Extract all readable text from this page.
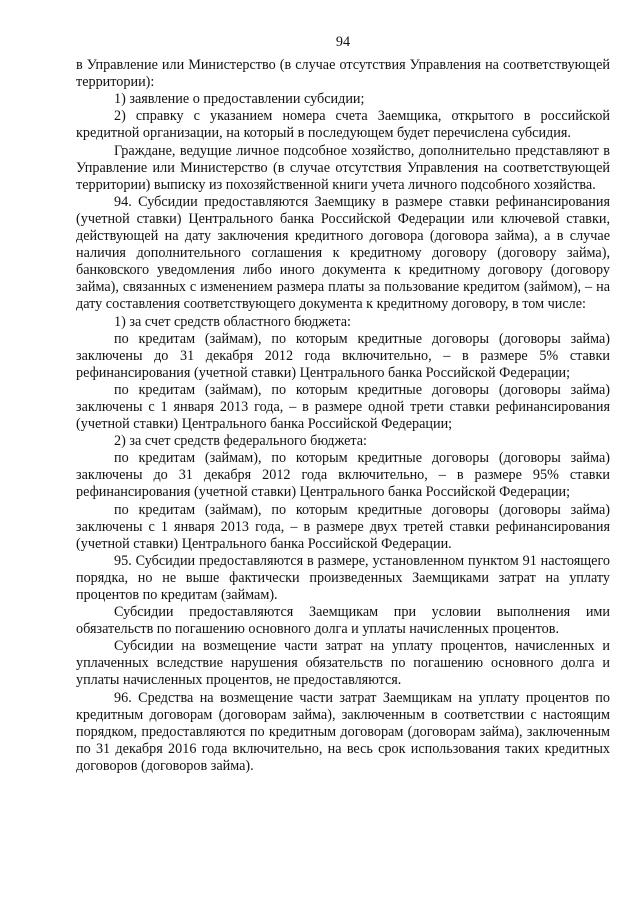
94

в Управление или Министерство (в случае отсутствия Управления на соответствующей территории):

1) заявление о предоставлении субсидии;

2) справку с указанием номера счета Заемщика, открытого в российской кредитной организации, на который в последующем будет перечислена субсидия.

Граждане, ведущие личное подсобное хозяйство, дополнительно представляют в Управление или Министерство (в случае отсутствия Управления на соответствующей территории) выписку из похозяйственной книги учета личного подсобного хозяйства.

94. Субсидии предоставляются Заемщику в размере ставки рефинансирования (учетной ставки) Центрального банка Российской Федерации или ключевой ставки, действующей на дату заключения кредитного договора (договора займа), а в случае наличия дополнительного соглашения к кредитному договору (договору займа), банковского уведомления либо иного документа к кредитному договору (договору займа), связанных с изменением размера платы за пользование кредитом (займом), – на дату составления соответствующего документа к кредитному договору, в том числе:

1) за счет средств областного бюджета:

по кредитам (займам), по которым кредитные договоры (договоры займа) заключены до 31 декабря 2012 года включительно, – в размере 5% ставки рефинансирования (учетной ставки) Центрального банка Российской Федерации;

по кредитам (займам), по которым кредитные договоры (договоры займа) заключены с 1 января 2013 года, – в размере одной трети ставки рефинансирования (учетной ставки) Центрального банка Российской Федерации;

2) за счет средств федерального бюджета:

по кредитам (займам), по которым кредитные договоры (договоры займа) заключены до 31 декабря 2012 года включительно, – в размере 95% ставки рефинансирования (учетной ставки) Центрального банка Российской Федерации;

по кредитам (займам), по которым кредитные договоры (договоры займа) заключены с 1 января 2013 года, – в размере двух третей ставки рефинансирования (учетной ставки) Центрального банка Российской Федерации.

95. Субсидии предоставляются в размере, установленном пунктом 91 настоящего порядка, но не выше фактически произведенных Заемщиками затрат на уплату процентов по кредитам (займам).

Субсидии предоставляются Заемщикам при условии выполнения ими обязательств по погашению основного долга и уплаты начисленных процентов.

Субсидии на возмещение части затрат на уплату процентов, начисленных и уплаченных вследствие нарушения обязательств по погашению основного долга и уплаты начисленных процентов, не предоставляются.

96. Средства на возмещение части затрат Заемщикам на уплату процентов по кредитным договорам (договорам займа), заключенным в соответствии с настоящим порядком, предоставляются по кредитным договорам (договорам займа), заключенным по 31 декабря 2016 года включительно, на весь срок использования таких кредитных договоров (договоров займа).
